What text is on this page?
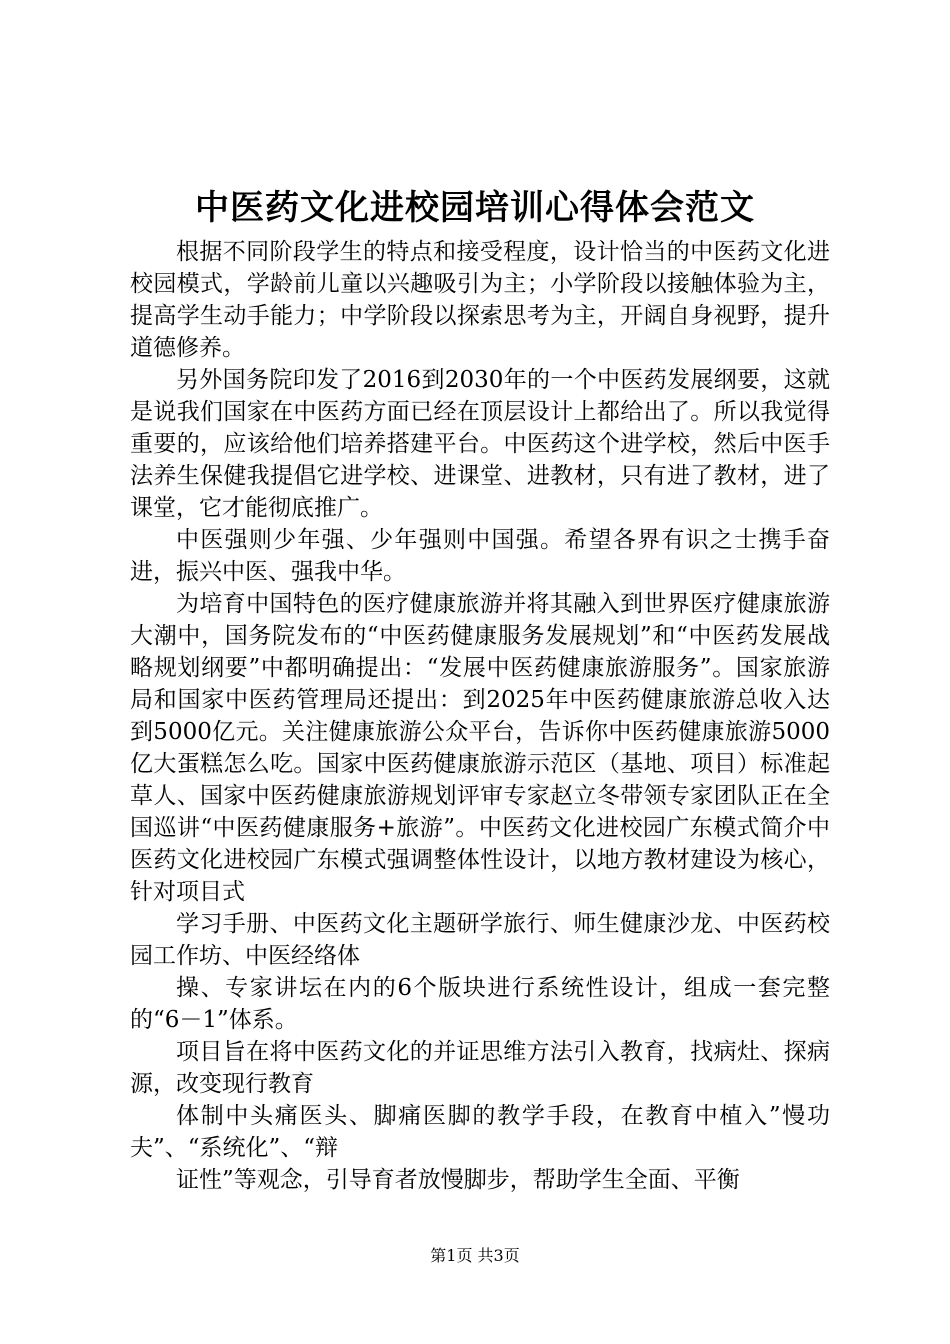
中医药文化进校园培训心得体会范文

根据不同阶段学生的特点和接受程度，设计恰当的中医药文化进校园模式，学龄前儿童以兴趣吸引为主；小学阶段以接触体验为主，提高学生动手能力；中学阶段以探索思考为主，开阔自身视野，提升道德修养。

另外国务院印发了2016到2030年的一个中医药发展纲要，这就是说我们国家在中医药方面已经在顶层设计上都给出了。所以我觉得重要的，应该给他们培养搭建平台。中医药这个进学校，然后中医手法养生保健我提倡它进学校、进课堂、进教材，只有进了教材，进了课堂，它才能彻底推广。

中医强则少年强、少年强则中国强。希望各界有识之士携手奋进，振兴中医、强我中华。

为培育中国特色的医疗健康旅游并将其融入到世界医疗健康旅游大潮中，国务院发布的“中医药健康服务发展规划”和“中医药发展战略规划纲要”中都明确提出：“发展中医药健康旅游服务”。国家旅游局和国家中医药管理局还提出：到2025年中医药健康旅游总收入达到5000亿元。关注健康旅游公众平台，告诉你中医药健康旅游5000亿大蛋糕怎么吃。国家中医药健康旅游示范区（基地、项目）标准起草人、国家中医药健康旅游规划评审专家赵立冬带领专家团队正在全国巡讲“中医药健康服务+旅游”。中医药文化进校园广东模式简介中医药文化进校园广东模式强调整体性设计，以地方教材建设为核心，针对项目式

学习手册、中医药文化主题研学旅行、师生健康沙龙、中医药校园工作坊、中医经络体

操、专家讲坛在内的6个版块进行系统性设计，组成一套完整的“6－1”体系。

项目旨在将中医药文化的并证思维方法引入教育，找病灶、探病源，改变现行教育

体制中头痛医头、脚痛医脚的教学手段，在教育中植入”慢功夫”、“系统化”、“辩

证性”等观念，引导育者放慢脚步，帮助学生全面、平衡

第1页 共3页
